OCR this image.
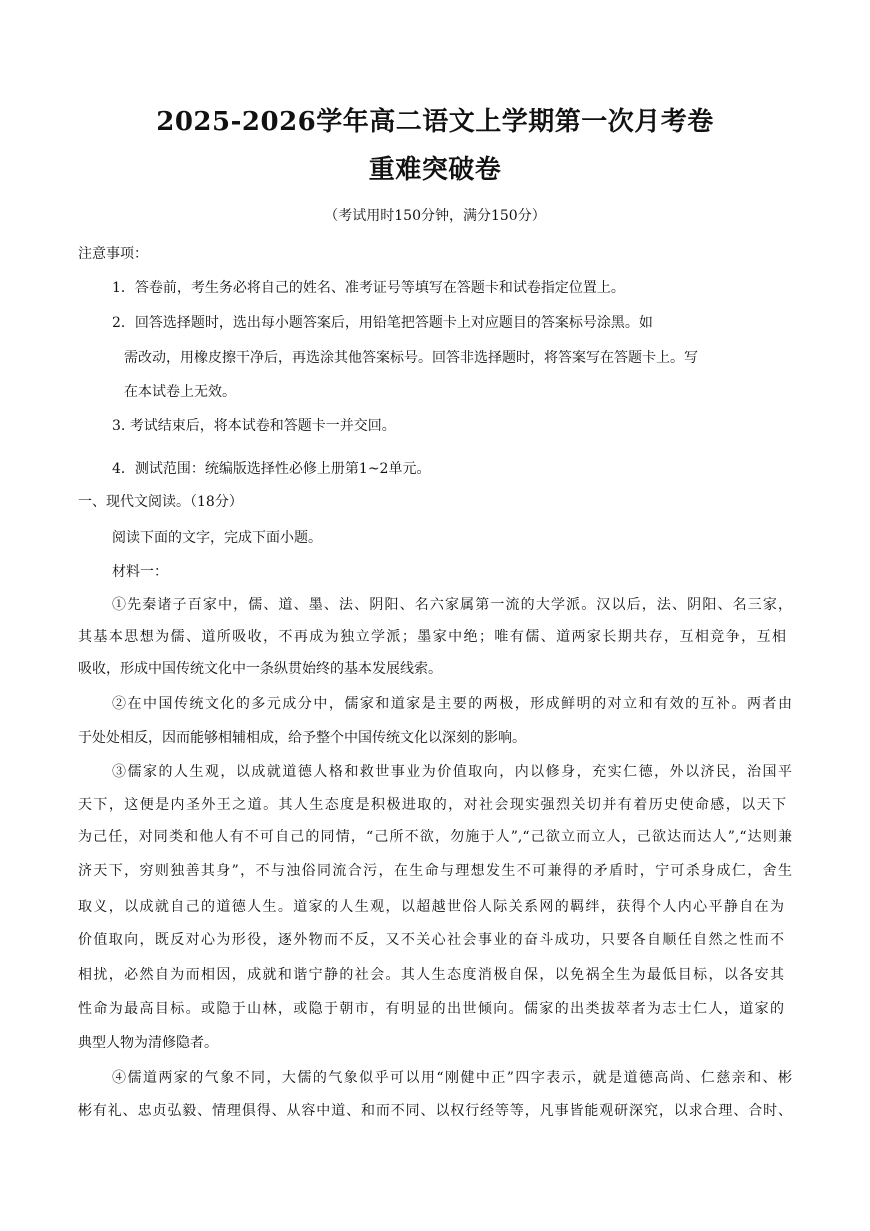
2025-2026学年高二语文上学期第一次月考卷
重难突破卷
（考试用时150分钟，满分150分）
注意事项：
1．答卷前，考生务必将自己的姓名、准考证号等填写在答题卡和试卷指定位置上。
2．回答选择题时，选出每小题答案后，用铅笔把答题卡上对应题目的答案标号涂黑。如
需改动，用橡皮擦干净后，再选涂其他答案标号。回答非选择题时，将答案写在答题卡上。写
在本试卷上无效。
3. 考试结束后，将本试卷和答题卡一并交回。
4．测试范围：统编版选择性必修上册第1~2单元。
一、现代文阅读。（18分）
阅读下面的文字，完成下面小题。
材料一：
①先秦诸子百家中，儒、道、墨、法、阴阳、名六家属第一流的大学派。汉以后，法、阴阳、名三家，
其基本思想为儒、道所吸收，不再成为独立学派；墨家中绝；唯有儒、道两家长期共存，互相竞争，互相
吸收，形成中国传统文化中一条纵贯始终的基本发展线索。
②在中国传统文化的多元成分中，儒家和道家是主要的两极，形成鲜明的对立和有效的互补。两者由
于处处相反，因而能够相辅相成，给予整个中国传统文化以深刻的影响。
③儒家的人生观，以成就道德人格和救世事业为价值取向，内以修身，充实仁德，外以济民，治国平
天下，这便是内圣外王之道。其人生态度是积极进取的，对社会现实强烈关切并有着历史使命感，以天下
为己任，对同类和他人有不可自己的同情，“己所不欲，勿施于人”,“己欲立而立人，己欲达而达人”,“达则兼
济天下，穷则独善其身”，不与浊俗同流合污，在生命与理想发生不可兼得的矛盾时，宁可杀身成仁，舍生
取义，以成就自己的道德人生。道家的人生观，以超越世俗人际关系网的羁绊，获得个人内心平静自在为
价值取向，既反对心为形役，逐外物而不反，又不关心社会事业的奋斗成功，只要各自顺任自然之性而不
相扰，必然自为而相因，成就和谐宁静的社会。其人生态度消极自保，以免祸全生为最低目标，以各安其
性命为最高目标。或隐于山林，或隐于朝市，有明显的出世倾向。儒家的出类拔萃者为志士仁人，道家的
典型人物为清修隐者。
④儒道两家的气象不同，大儒的气象似乎可以用“刚健中正”四字表示，就是道德高尚、仁慈亲和、彬
彬有礼、忠贞弘毅、情理俱得、从容中道、和而不同、以权行经等等，凡事皆能观研深究，以求合理、合时、
